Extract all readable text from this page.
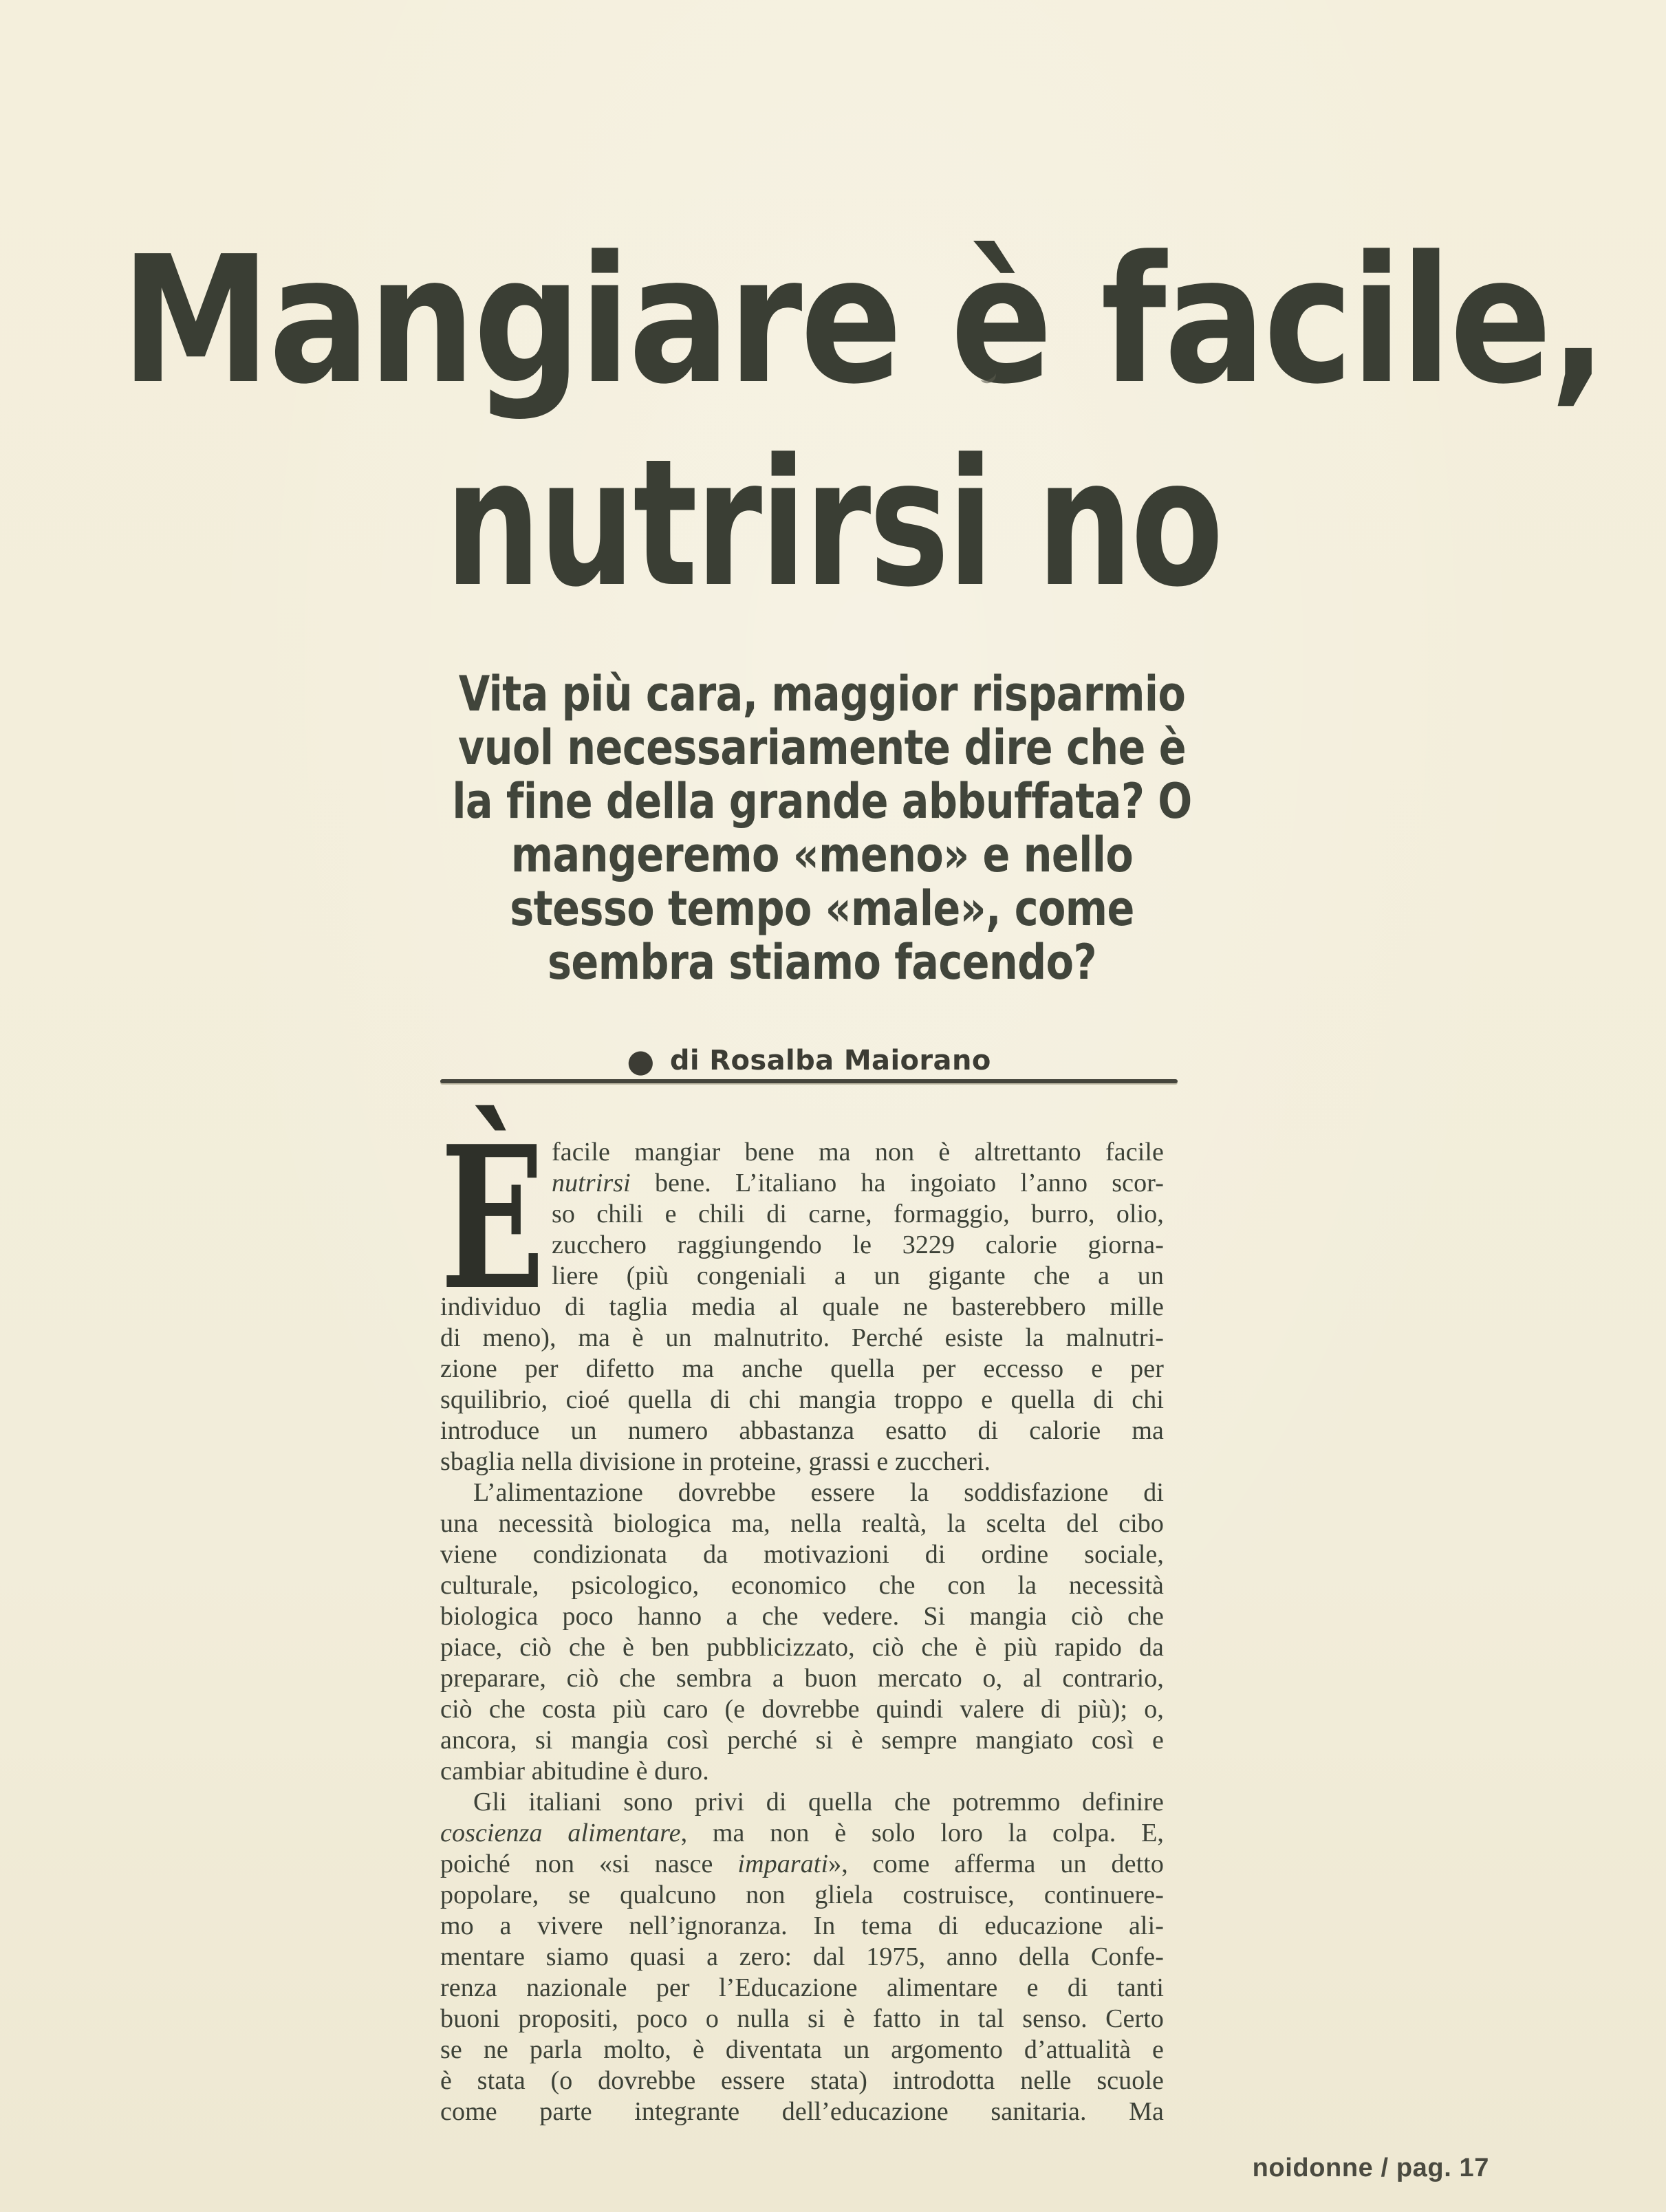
Mangiare è facile,
nutrirsi no
Vita più cara, maggior risparmio
vuol necessariamente dire che è
la fine della grande abbuffata? O
mangeremo «meno» e nello
stesso tempo «male», come
sembra stiamo facendo?
● di Rosalba Maiorano
È facile mangiar bene ma non è altrettanto facile
nutrirsi bene. L’italiano ha ingoiato l’anno scor-
so chili e chili di carne, formaggio, burro, olio,
zucchero raggiungendo le 3229 calorie giorna-
liere (più congeniali a un gigante che a un
individuo di taglia media al quale ne basterebbero mille
di meno), ma è un malnutrito. Perché esiste la malnutri-
zione per difetto ma anche quella per eccesso e per
squilibrio, cioé quella di chi mangia troppo e quella di chi
introduce un numero abbastanza esatto di calorie ma
sbaglia nella divisione in proteine, grassi e zuccheri.
L’alimentazione dovrebbe essere la soddisfazione di
una necessità biologica ma, nella realtà, la scelta del cibo
viene condizionata da motivazioni di ordine sociale,
culturale, psicologico, economico che con la necessità
biologica poco hanno a che vedere. Si mangia ciò che
piace, ciò che è ben pubblicizzato, ciò che è più rapido da
preparare, ciò che sembra a buon mercato o, al contrario,
ciò che costa più caro (e dovrebbe quindi valere di più); o,
ancora, si mangia così perché si è sempre mangiato così e
cambiar abitudine è duro.
Gli italiani sono privi di quella che potremmo definire
coscienza alimentare, ma non è solo loro la colpa. E,
poiché non «si nasce imparati», come afferma un detto
popolare, se qualcuno non gliela costruisce, continuere-
mo a vivere nell’ignoranza. In tema di educazione ali-
mentare siamo quasi a zero: dal 1975, anno della Confe-
renza nazionale per l’Educazione alimentare e di tanti
buoni propositi, poco o nulla si è fatto in tal senso. Certo
se ne parla molto, è diventata un argomento d’attualità e
è stata (o dovrebbe essere stata) introdotta nelle scuole
come parte integrante dell’educazione sanitaria. Ma
noidonne / pag. 17
